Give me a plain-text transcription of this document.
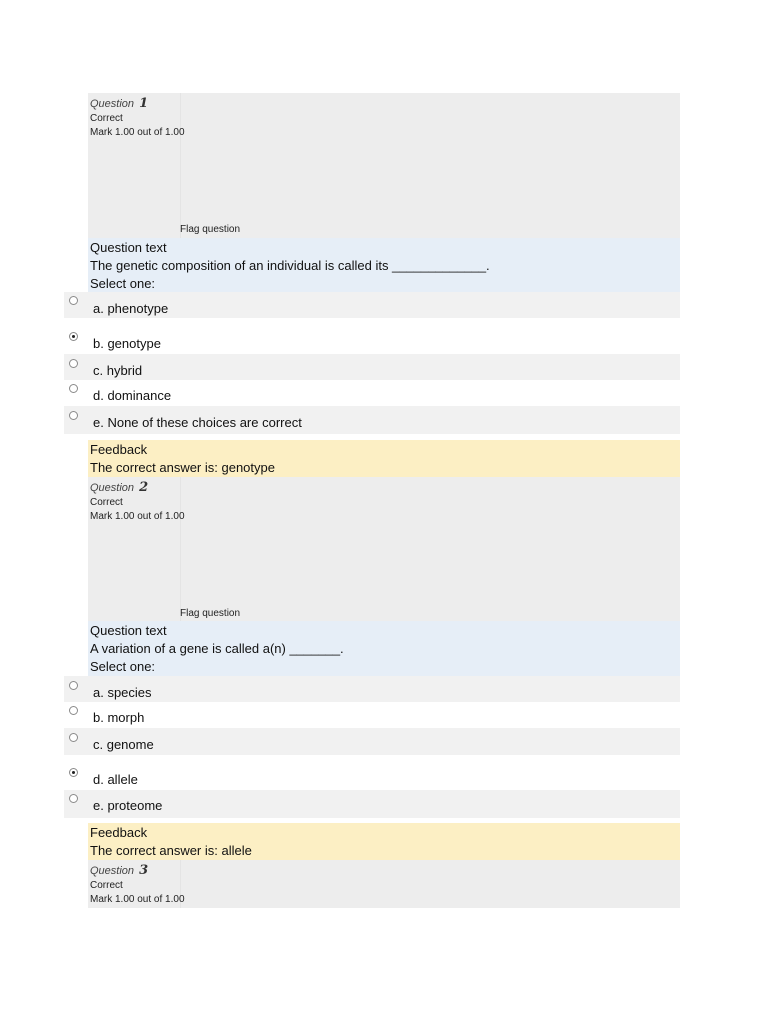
Question 1
Correct
Mark 1.00 out of 1.00
Flag question
Question text
The genetic composition of an individual is called its _____________.
Select one:
a. phenotype
b. genotype
c. hybrid
d. dominance
e. None of these choices are correct
Feedback
The correct answer is: genotype
Question 2
Correct
Mark 1.00 out of 1.00
Flag question
Question text
A variation of a gene is called a(n) _______.
Select one:
a. species
b. morph
c. genome
d. allele
e. proteome
Feedback
The correct answer is: allele
Question 3
Correct
Mark 1.00 out of 1.00
